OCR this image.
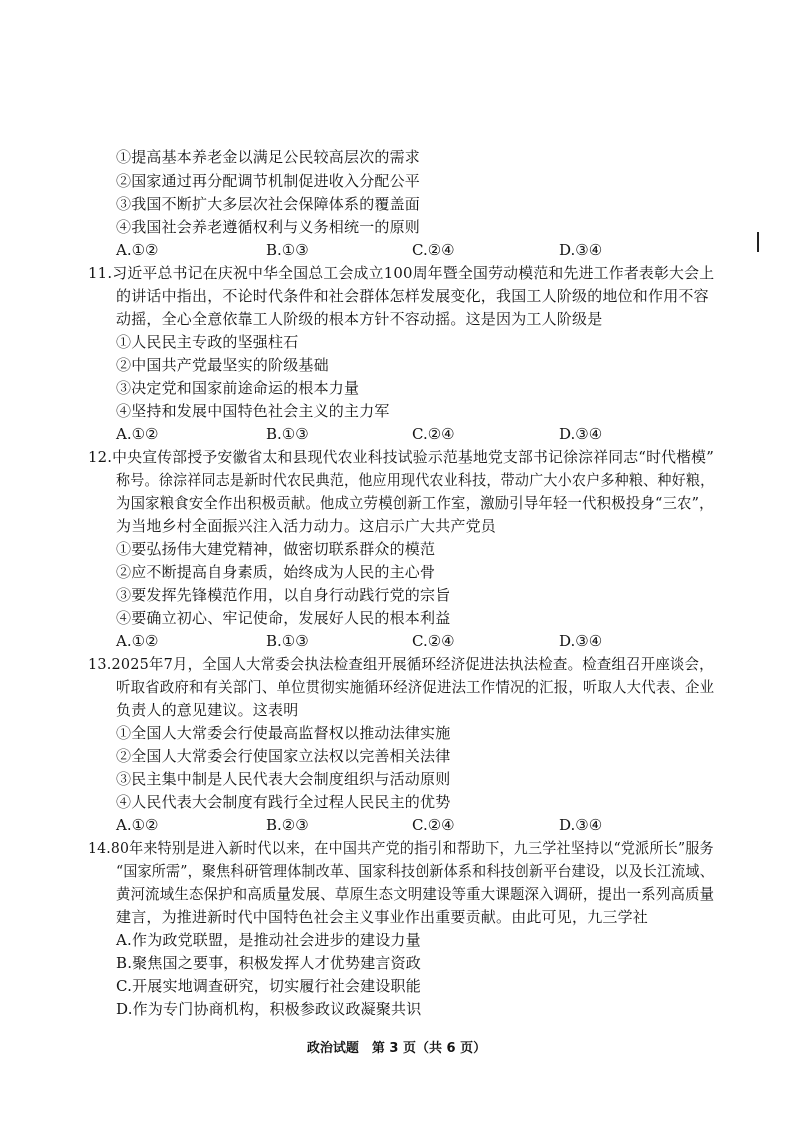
①提高基本养老金以满足公民较高层次的需求
②国家通过再分配调节机制促进收入分配公平
③我国不断扩大多层次社会保障体系的覆盖面
④我国社会养老遵循权利与义务相统一的原则
A.①②	B.①③	C.②④	D.③④
11.习近平总书记在庆祝中华全国总工会成立100周年暨全国劳动模范和先进工作者表彰大会上
的讲话中指出，不论时代条件和社会群体怎样发展变化，我国工人阶级的地位和作用不容
动摇，全心全意依靠工人阶级的根本方针不容动摇。这是因为工人阶级是
①人民民主专政的坚强柱石
②中国共产党最坚实的阶级基础
③决定党和国家前途命运的根本力量
④坚持和发展中国特色社会主义的主力军
A.①②	B.①③	C.②④	D.③④
12.中央宣传部授予安徽省太和县现代农业科技试验示范基地党支部书记徐淙祥同志“时代楷模”
称号。徐淙祥同志是新时代农民典范，他应用现代农业科技，带动广大小农户多种粮、种好粮，
为国家粮食安全作出积极贡献。他成立劳模创新工作室，激励引导年轻一代积极投身“三农”，
为当地乡村全面振兴注入活力动力。这启示广大共产党员
①要弘扬伟大建党精神，做密切联系群众的模范
②应不断提高自身素质，始终成为人民的主心骨
③要发挥先锋模范作用，以自身行动践行党的宗旨
④要确立初心、牢记使命，发展好人民的根本利益
A.①②	B.①③	C.②④	D.③④
13.2025年7月，全国人大常委会执法检查组开展循环经济促进法执法检查。检查组召开座谈会，
听取省政府和有关部门、单位贯彻实施循环经济促进法工作情况的汇报，听取人大代表、企业
负责人的意见建议。这表明
①全国人大常委会行使最高监督权以推动法律实施
②全国人大常委会行使国家立法权以完善相关法律
③民主集中制是人民代表大会制度组织与活动原则
④人民代表大会制度有践行全过程人民民主的优势
A.①②	B.②③	C.②④	D.③④
14.80年来特别是进入新时代以来，在中国共产党的指引和帮助下，九三学社坚持以“党派所长”服务
“国家所需”，聚焦科研管理体制改革、国家科技创新体系和科技创新平台建设，以及长江流域、
黄河流域生态保护和高质量发展、草原生态文明建设等重大课题深入调研，提出一系列高质量
建言，为推进新时代中国特色社会主义事业作出重要贡献。由此可见，九三学社
A.作为政党联盟，是推动社会进步的建设力量
B.聚焦国之要事，积极发挥人才优势建言资政
C.开展实地调查研究，切实履行社会建设职能
D.作为专门协商机构，积极参政议政凝聚共识
政治试题　第 3 页（共 6 页）
